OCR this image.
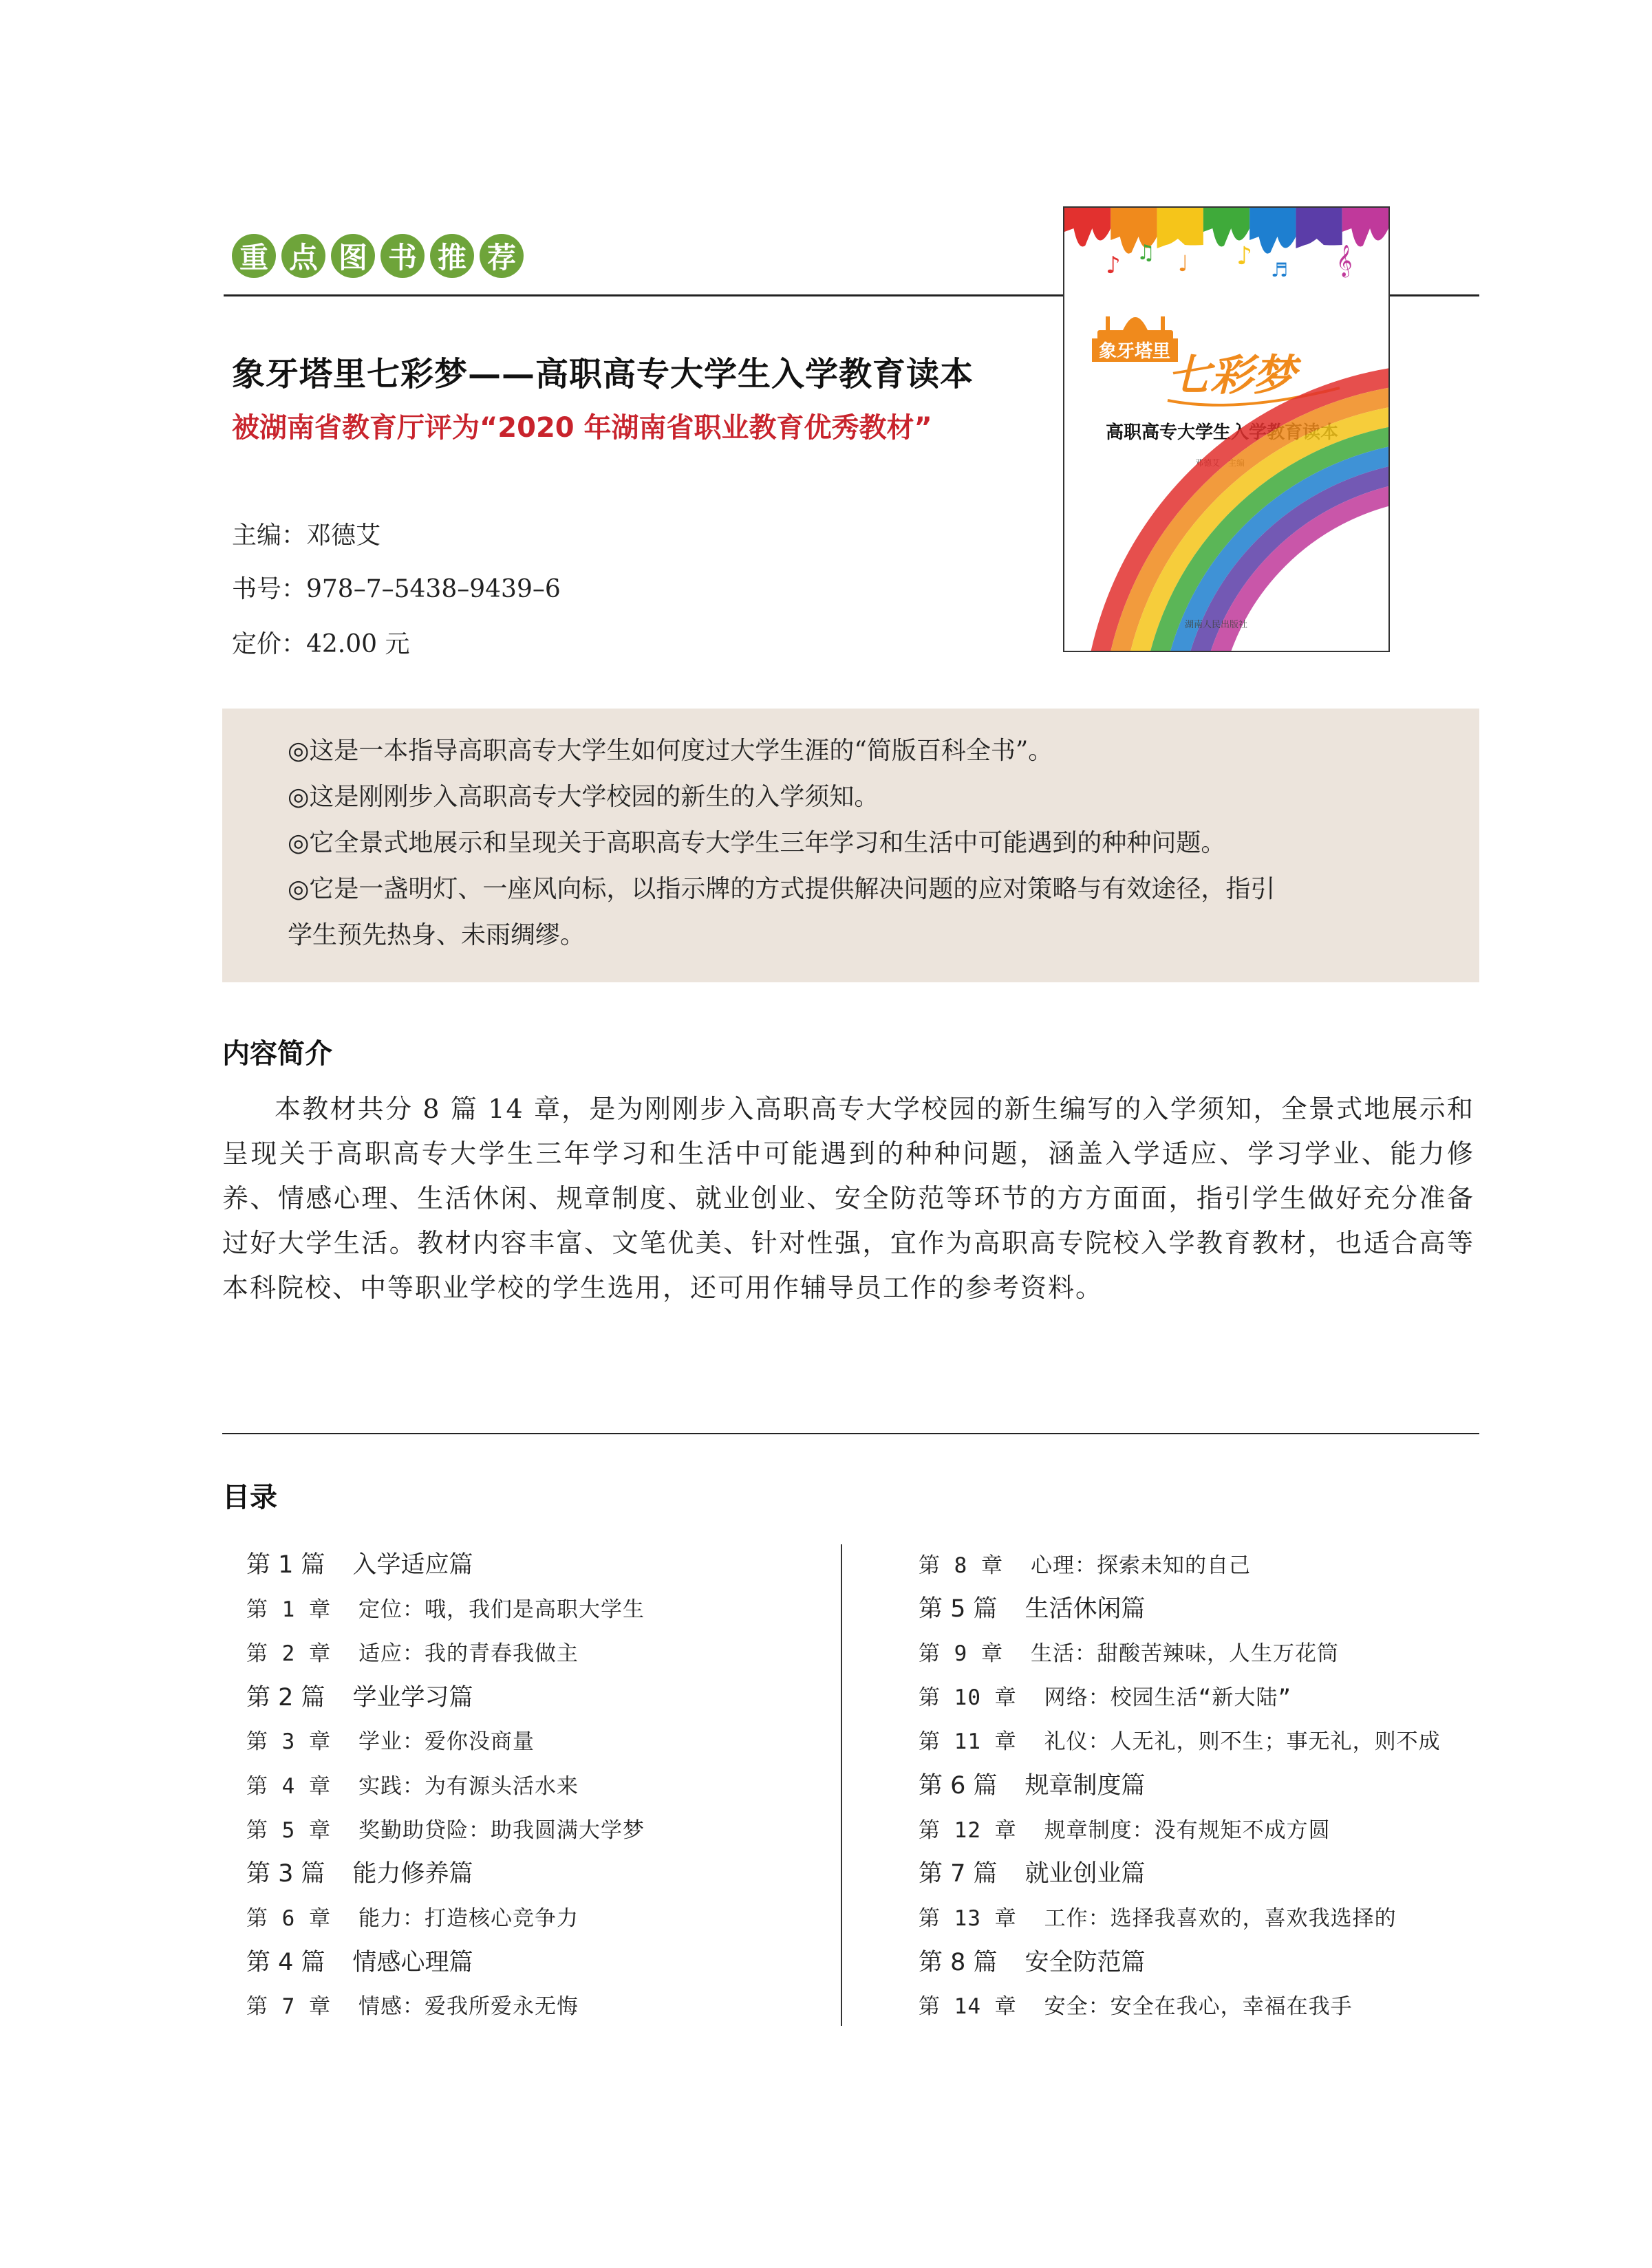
重 点 图 书 推 荐
象牙塔里七彩梦——高职高专大学生入学教育读本
被湖南省教育厅评为“2020 年湖南省职业教育优秀教材”
主编：邓德艾
书号：978–7–5438–9439–6
定价：42.00 元
♪ ♫ ♩ ♪ ♬ 𝄞
象牙塔里
七彩梦
高职高专大学生入学教育读本
邓德艾　主编
湖南人民出版社
◎这是一本指导高职高专大学生如何度过大学生涯的“简版百科全书”。
◎这是刚刚步入高职高专大学校园的新生的入学须知。
◎它全景式地展示和呈现关于高职高专大学生三年学习和生活中可能遇到的种种问题。
◎它是一盏明灯、一座风向标，以指示牌的方式提供解决问题的应对策略与有效途径，指引
学生预先热身、未雨绸缪。
内容简介
本教材共分 8 篇 14 章，是为刚刚步入高职高专大学校园的新生编写的入学须知，全景式地展示和呈现关于高职高专大学生三年学习和生活中可能遇到的种种问题，涵盖入学适应、学习学业、能力修养、情感心理、生活休闲、规章制度、就业创业、安全防范等环节的方方面面，指引学生做好充分准备过好大学生活。教材内容丰富、文笔优美、针对性强，宜作为高职高专院校入学教育教材，也适合高等本科院校、中等职业学校的学生选用，还可用作辅导员工作的参考资料。
目录
第 1 篇 入学适应篇
第 1 章 定位：哦，我们是高职大学生
第 2 章 适应：我的青春我做主
第 2 篇 学业学习篇
第 3 章 学业：爱你没商量
第 4 章 实践：为有源头活水来
第 5 章 奖勤助贷险：助我圆满大学梦
第 3 篇 能力修养篇
第 6 章 能力：打造核心竞争力
第 4 篇 情感心理篇
第 7 章 情感：爱我所爱永无悔
第 8 章 心理：探索未知的自己
第 5 篇 生活休闲篇
第 9 章 生活：甜酸苦辣味，人生万花筒
第 10 章 网络：校园生活“新大陆”
第 11 章 礼仪：人无礼，则不生；事无礼，则不成
第 6 篇 规章制度篇
第 12 章 规章制度：没有规矩不成方圆
第 7 篇 就业创业篇
第 13 章 工作：选择我喜欢的，喜欢我选择的
第 8 篇 安全防范篇
第 14 章 安全：安全在我心，幸福在我手
